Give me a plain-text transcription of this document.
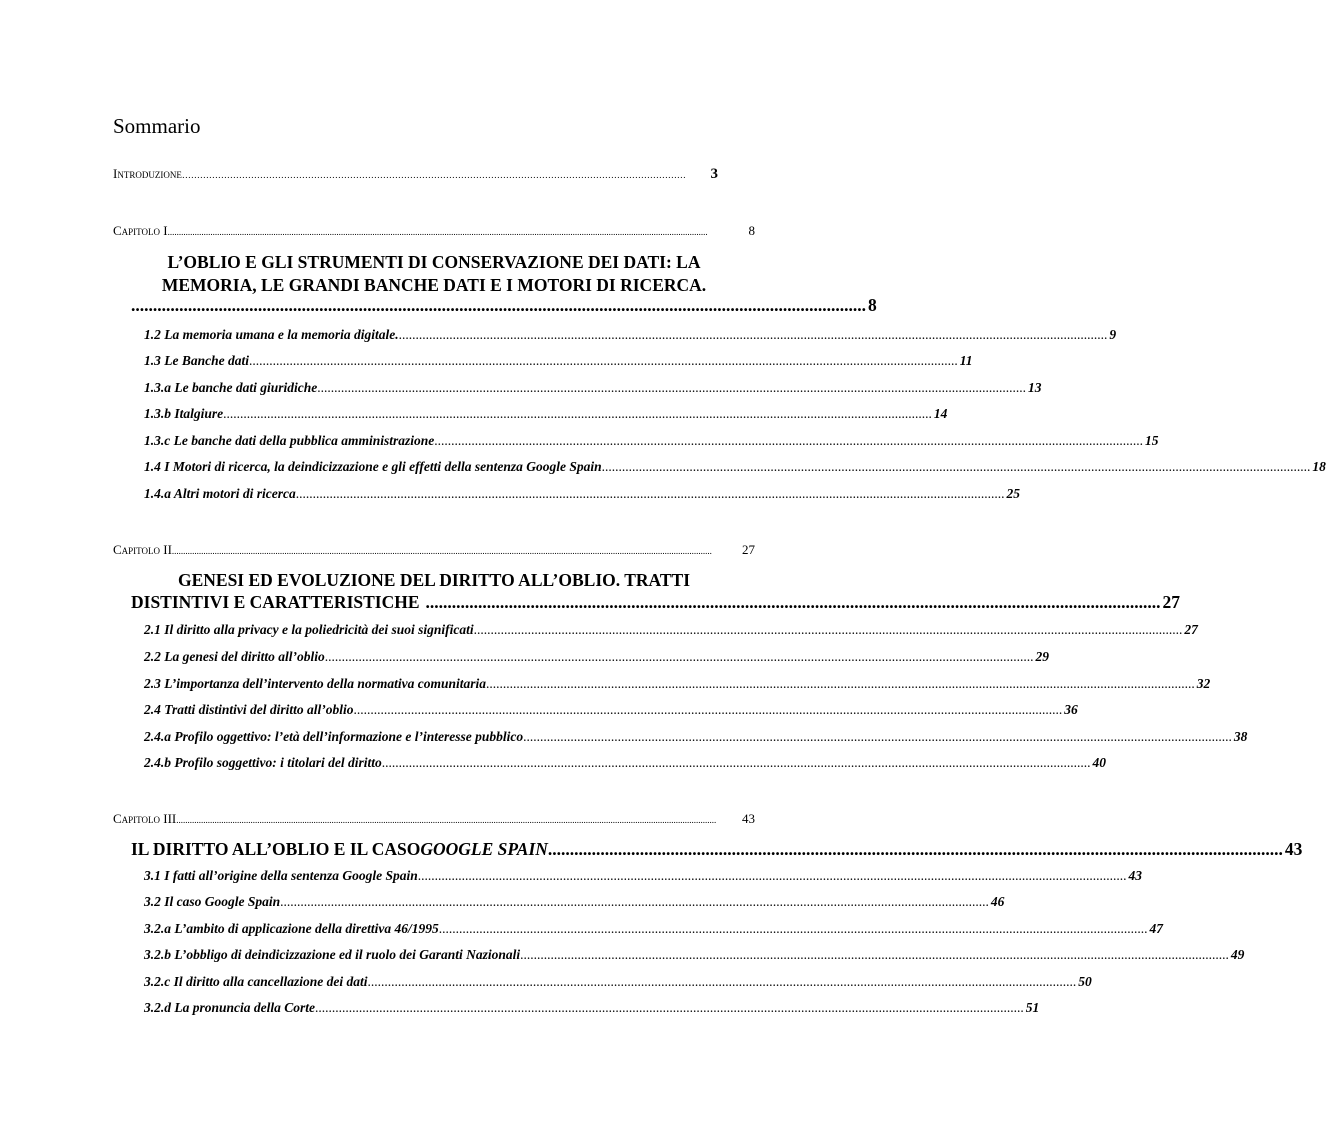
Sommario
Introduzione ……………………………………………………………………………………………………………………………………………………	3
Capitolo I ................................................................................................................................................................................................................................................	8
L’OBLIO E GLI STRUMENTI DI CONSERVAZIONE DEI DATI: LA
MEMORIA, LE GRANDI BANCHE DATI E I MOTORI DI RICERCA.
........................................................................................................................................................................ 8
1.2 La memoria umana e la memoria digitale. .................................................................................................................................................................................................................. 9
1.3 Le Banche dati .................................................................................................................................................................................................................. 11
1.3.a Le banche dati giuridiche .................................................................................................................................................................................................................. 13
1.3.b Italgiure .................................................................................................................................................................................................................. 14
1.3.c Le banche dati della pubblica amministrazione .................................................................................................................................................................................................................. 15
1.4 I Motori di ricerca, la deindicizzazione e gli effetti della sentenza Google Spain .................................................................................................................................................................................................................. 18
1.4.a Altri motori di ricerca .................................................................................................................................................................................................................. 25
Capitolo II ................................................................................................................................................................................................................................................	27
GENESI ED EVOLUZIONE DEL DIRITTO ALL’OBLIO. TRATTI
DISTINTIVI E CARATTERISTICHE ........................................................................................................................................................................ 27
2.1 Il diritto alla privacy e la poliedricità dei suoi significati .................................................................................................................................................................................................................. 27
2.2 La genesi del diritto all’oblio .................................................................................................................................................................................................................. 29
2.3 L’importanza dell’intervento della normativa comunitaria .................................................................................................................................................................................................................. 32
2.4 Tratti distintivi del diritto all’oblio .................................................................................................................................................................................................................. 36
2.4.a Profilo oggettivo: l’età dell’informazione e l’interesse pubblico .................................................................................................................................................................................................................. 38
2.4.b Profilo soggettivo: i titolari del diritto .................................................................................................................................................................................................................. 40
Capitolo III ................................................................................................................................................................................................................................................	43
IL DIRITTO ALL’OBLIO E IL CASO GOOGLE SPAIN ........................................................................................................................................................................ 43
3.1 I fatti all’origine della sentenza Google Spain .................................................................................................................................................................................................................. 43
3.2 Il caso Google Spain .................................................................................................................................................................................................................. 46
3.2.a L’ambito di applicazione della direttiva 46/1995 .................................................................................................................................................................................................................. 47
3.2.b L’obbligo di deindicizzazione ed il ruolo dei Garanti Nazionali .................................................................................................................................................................................................................. 49
3.2.c Il diritto alla cancellazione dei dati .................................................................................................................................................................................................................. 50
3.2.d La pronuncia della Corte .................................................................................................................................................................................................................. 51
